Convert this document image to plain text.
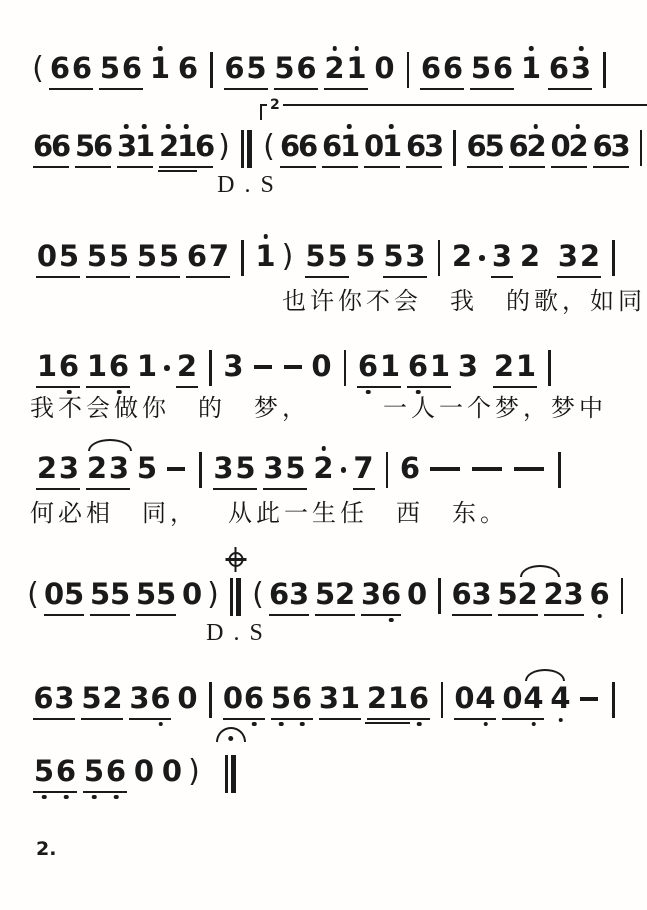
2.
( 6 6 5 6 1 6 6 5 5 6 2 1 0 6 6 5 6 1 6 3
6
6 5
6 3
1 2
1
6 )
D . S
( 6
6 6
1 0
1 6
3 6
5 6
2 0
2 6
3
2
0 5 5 5 5 5 6 7 1 ) 5 5 5 5 3 2 3 2 3 2
1 6 1 6 1 2 3 0 6 1 6 1 3 2 1
2 3 2 3 5 3 5 3 5 2 7 6
( 0 5 5 5 5 5 0 )
D . S
( 6 3 5 2 3 6 0 6 3 5 2 2 3 6
6 3 5 2 3 6 0 0 6 5 6 3 1 2 1 6 0 4 0 4 4
5 6 5 6 0 0 )
也许你不会　我　的歌，如同
我不会做你　的　梦，	一人一个梦，梦中
何必相　同， 从此一生任　西　东。
